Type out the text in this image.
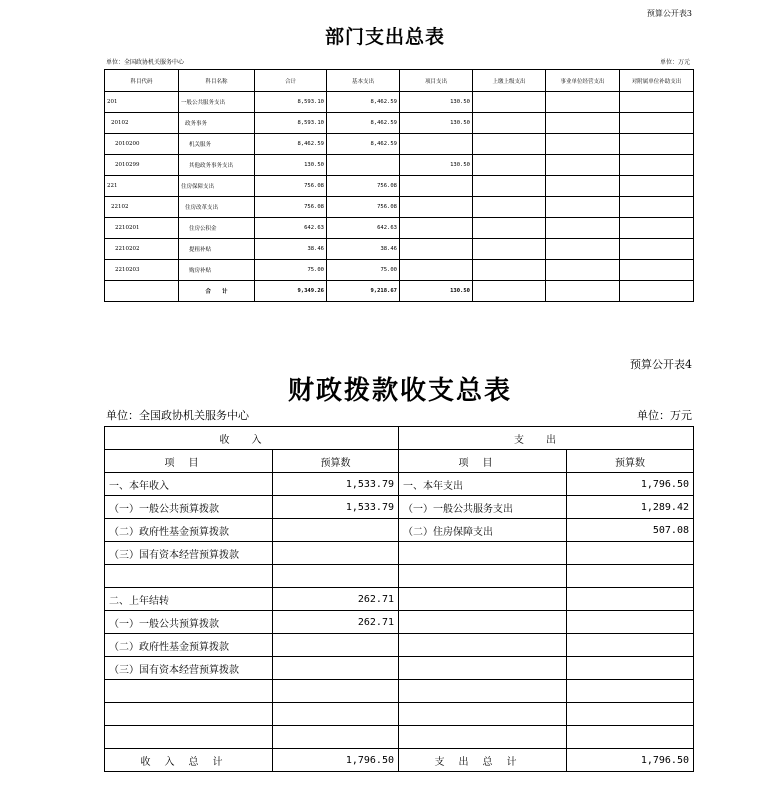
预算公开表3
部门支出总表
单位：全国政协机关服务中心	单位：万元
科目代码	科目名称	合计	基本支出	项目支出	上缴上级支出	事业单位经营支出	对附属单位补助支出
201	一般公共服务支出	8,593.10	8,462.59	130.50			
20102	政务事务	8,593.10	8,462.59	130.50			
2010200	机关服务	8,462.59	8,462.59				
2010299	其他政务事务支出	130.50		130.50			
221	住房保障支出	756.08	756.08				
22102	住房改革支出	756.08	756.08				
2210201	住房公积金	642.63	642.63				
2210202	提租补贴	38.46	38.46				
2210203	购房补贴	75.00	75.00				
	合　　计	9,349.26	9,218.67	130.50			
预算公开表4
财政拨款收支总表
单位：全国政协机关服务中心	单位：万元
收入		支出	
项目	预算数	项目	预算数
一、本年收入	1,533.79	一、本年支出	1,796.50
（一）一般公共预算拨款	1,533.79	（一）一般公共服务支出	1,289.42
（二）政府性基金预算拨款		（二）住房保障支出	507.08
（三）国有资本经营预算拨款			

二、上年结转	262.71		
（一）一般公共预算拨款	262.71		
（二）政府性基金预算拨款			
（三）国有资本经营预算拨款			

收入总计	1,796.50	支出总计	1,796.50
